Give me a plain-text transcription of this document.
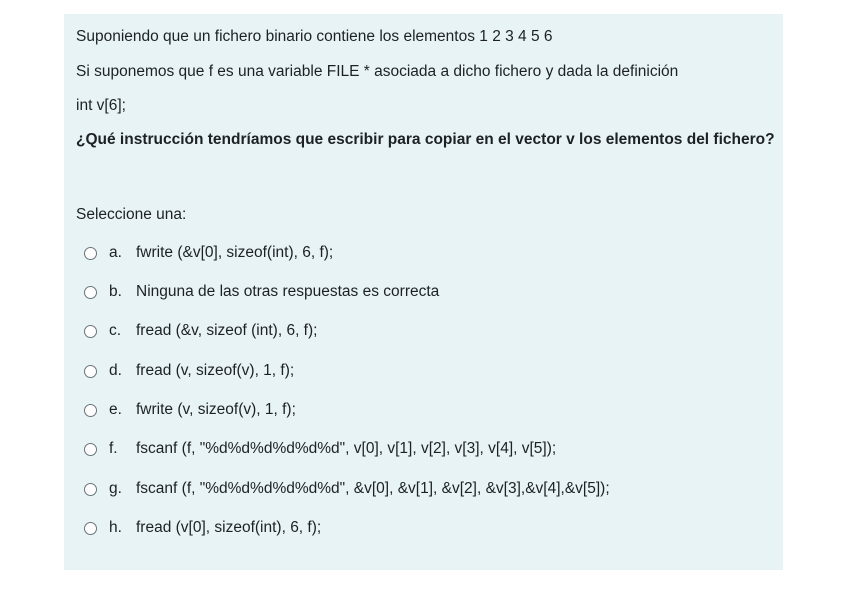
Suponiendo que un fichero binario contiene los elementos 1 2 3 4 5 6
Si suponemos que f es una variable FILE * asociada a dicho fichero y dada la definición
int v[6];
¿Qué instrucción tendríamos que escribir para copiar en el vector v los elementos del fichero?
Seleccione una:
a. fwrite (&v[0], sizeof(int), 6, f);
b. Ninguna de las otras respuestas es correcta
c. fread (&v, sizeof (int), 6, f);
d. fread (v, sizeof(v), 1, f);
e. fwrite (v, sizeof(v), 1, f);
f.	fscanf (f, "%d%d%d%d%d%d", v[0], v[1], v[2], v[3], v[4], v[5]);
g. fscanf (f, "%d%d%d%d%d%d", &v[0], &v[1], &v[2], &v[3],&v[4],&v[5]);
h. fread (v[0], sizeof(int), 6, f);
